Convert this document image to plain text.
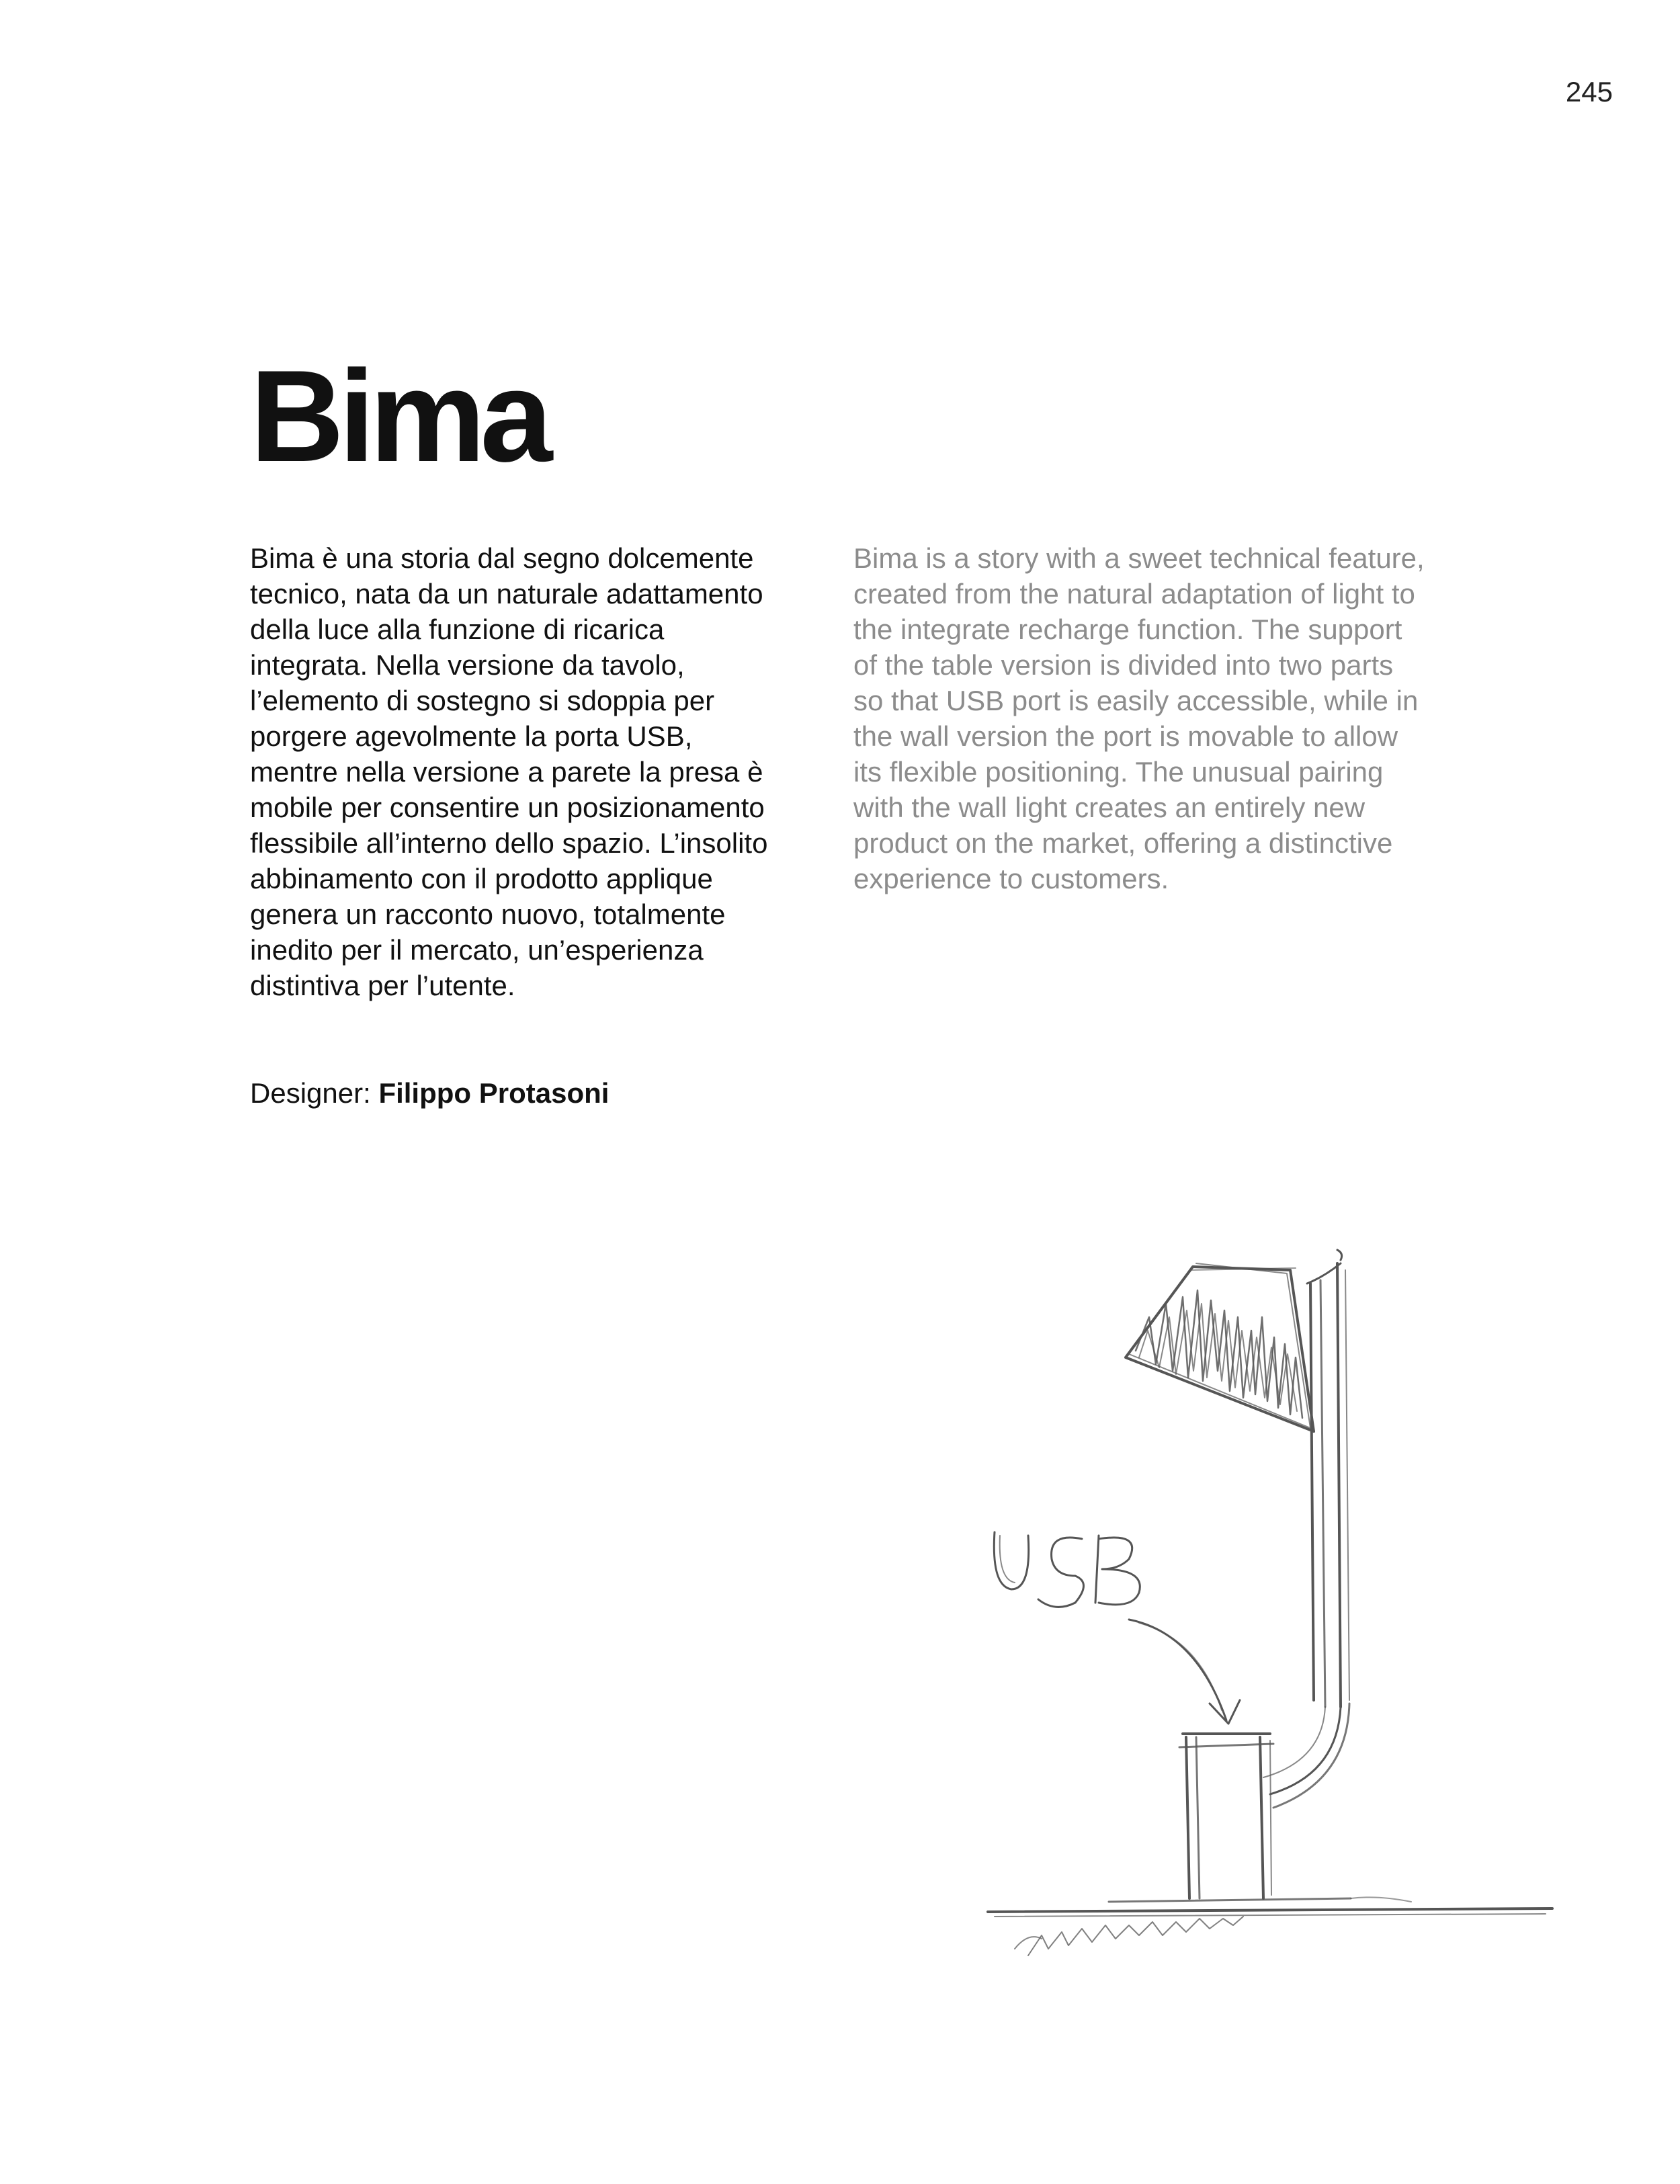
245
Bima

Bima è una storia dal segno dolcemente tecnico, nata da un naturale adattamento della luce alla funzione di ricarica integrata. Nella versione da tavolo, l’elemento di sostegno si sdoppia per porgere agevolmente la porta USB, mentre nella versione a parete la presa è mobile per consentire un posizionamento flessibile all’interno dello spazio. L’insolito abbinamento con il prodotto applique genera un racconto nuovo, totalmente inedito per il mercato, un’esperienza distintiva per l’utente.

Bima is a story with a sweet technical feature, created from the natural adaptation of light to the integrate recharge function. The support of the table version is divided into two parts so that USB port is easily accessible, while in the wall version the port is movable to allow its flexible positioning. The unusual pairing with the wall light creates an entirely new product on the market, offering a distinctive experience to customers.

Designer: Filippo Protasoni
